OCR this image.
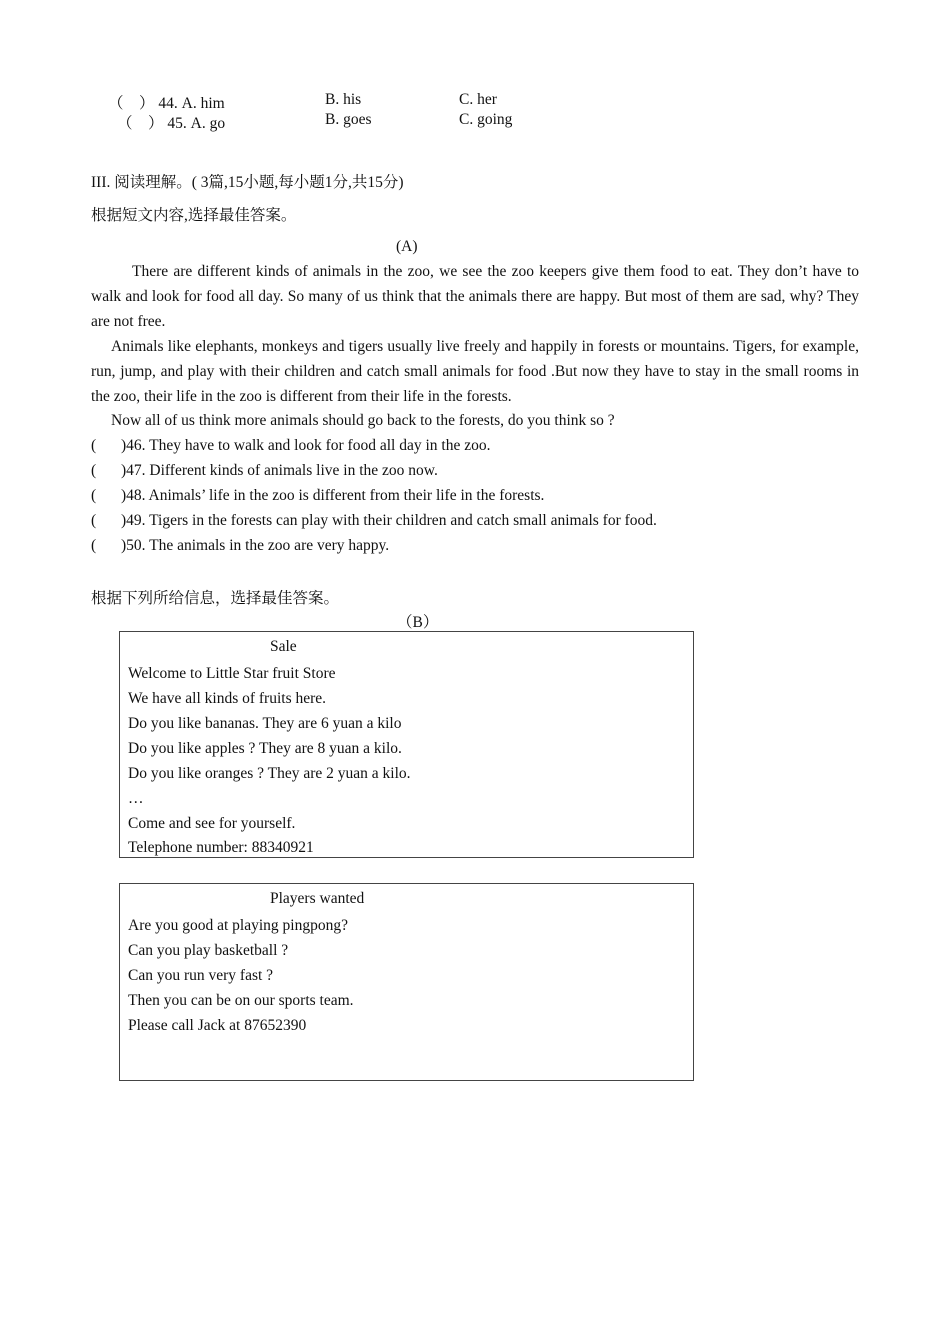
（　） 44. A. him	B. his	C. her
（　） 45. A. go	B. goes	C. going
III. 阅读理解。( 3篇,15小题,每小题1分,共15分)
根据短文内容,选择最佳答案。
(A)
There are different kinds of animals in the zoo, we see the zoo keepers give them food to eat. They don’t have to walk and look for food all day. So many of us think that the animals there are happy. But most of them are sad, why? They are not free.
Animals like elephants, monkeys and tigers usually live freely and happily in forests or mountains. Tigers, for example, run, jump, and play with their children and catch small animals for food .But now they have to stay in the small rooms in the zoo, their life in the zoo is different from their life in the forests.
Now all of us think more animals should go back to the forests, do you think so ?
( )46. They have to walk and look for food all day in the zoo.
( )47. Different kinds of animals live in the zoo now.
( )48. Animals’ life in the zoo is different from their life in the forests.
( )49. Tigers in the forests can play with their children and catch small animals for food.
( )50. The animals in the zoo are very happy.
根据下列所给信息，选择最佳答案。
（B）
Sale
Welcome to Little Star fruit Store
We have all kinds of fruits here.
Do you like bananas. They are 6 yuan a kilo
Do you like apples ? They are 8 yuan a kilo.
Do you like oranges ? They are 2 yuan a kilo.
…
Come and see for yourself.
Telephone number: 88340921
Players wanted
Are you good at playing pingpong?
Can you play basketball ?
Can you run very fast ?
Then you can be on our sports team.
Please call Jack at 87652390
